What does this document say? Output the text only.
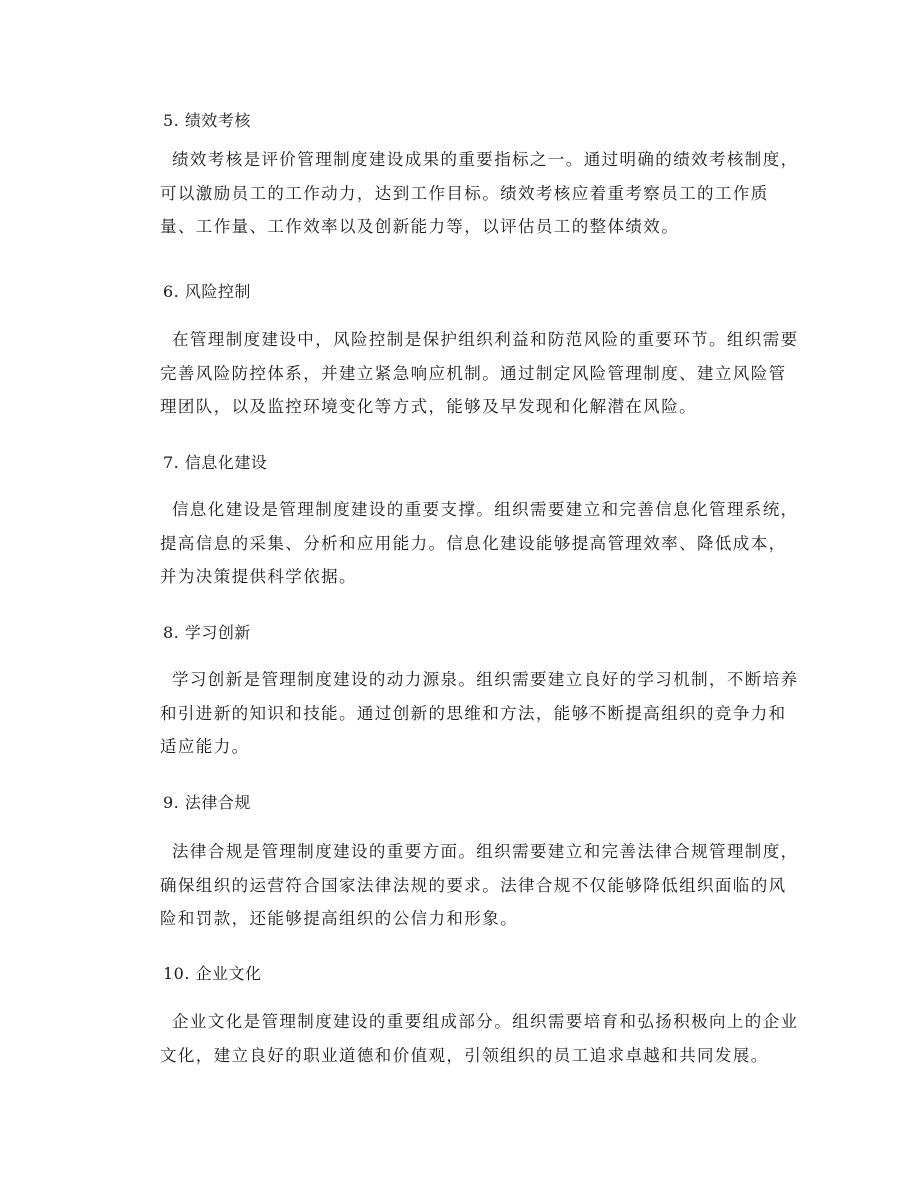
www.zixin.com.cn
5. 绩效考核
绩效考核是评价管理制度建设成果的重要指标之一。通过明确的绩效考核制度，可以激励员工的工作动力，达到工作目标。绩效考核应着重考察员工的工作质量、工作量、工作效率以及创新能力等，以评估员工的整体绩效。
6. 风险控制
在管理制度建设中，风险控制是保护组织利益和防范风险的重要环节。组织需要完善风险防控体系，并建立紧急响应机制。通过制定风险管理制度、建立风险管理团队，以及监控环境变化等方式，能够及早发现和化解潜在风险。
7. 信息化建设
信息化建设是管理制度建设的重要支撑。组织需要建立和完善信息化管理系统，提高信息的采集、分析和应用能力。信息化建设能够提高管理效率、降低成本，并为决策提供科学依据。
8. 学习创新
学习创新是管理制度建设的动力源泉。组织需要建立良好的学习机制，不断培养和引进新的知识和技能。通过创新的思维和方法，能够不断提高组织的竞争力和适应能力。
9. 法律合规
法律合规是管理制度建设的重要方面。组织需要建立和完善法律合规管理制度，确保组织的运营符合国家法律法规的要求。法律合规不仅能够降低组织面临的风险和罚款，还能够提高组织的公信力和形象。
10. 企业文化
企业文化是管理制度建设的重要组成部分。组织需要培育和弘扬积极向上的企业文化，建立良好的职业道德和价值观，引领组织的员工追求卓越和共同发展。
